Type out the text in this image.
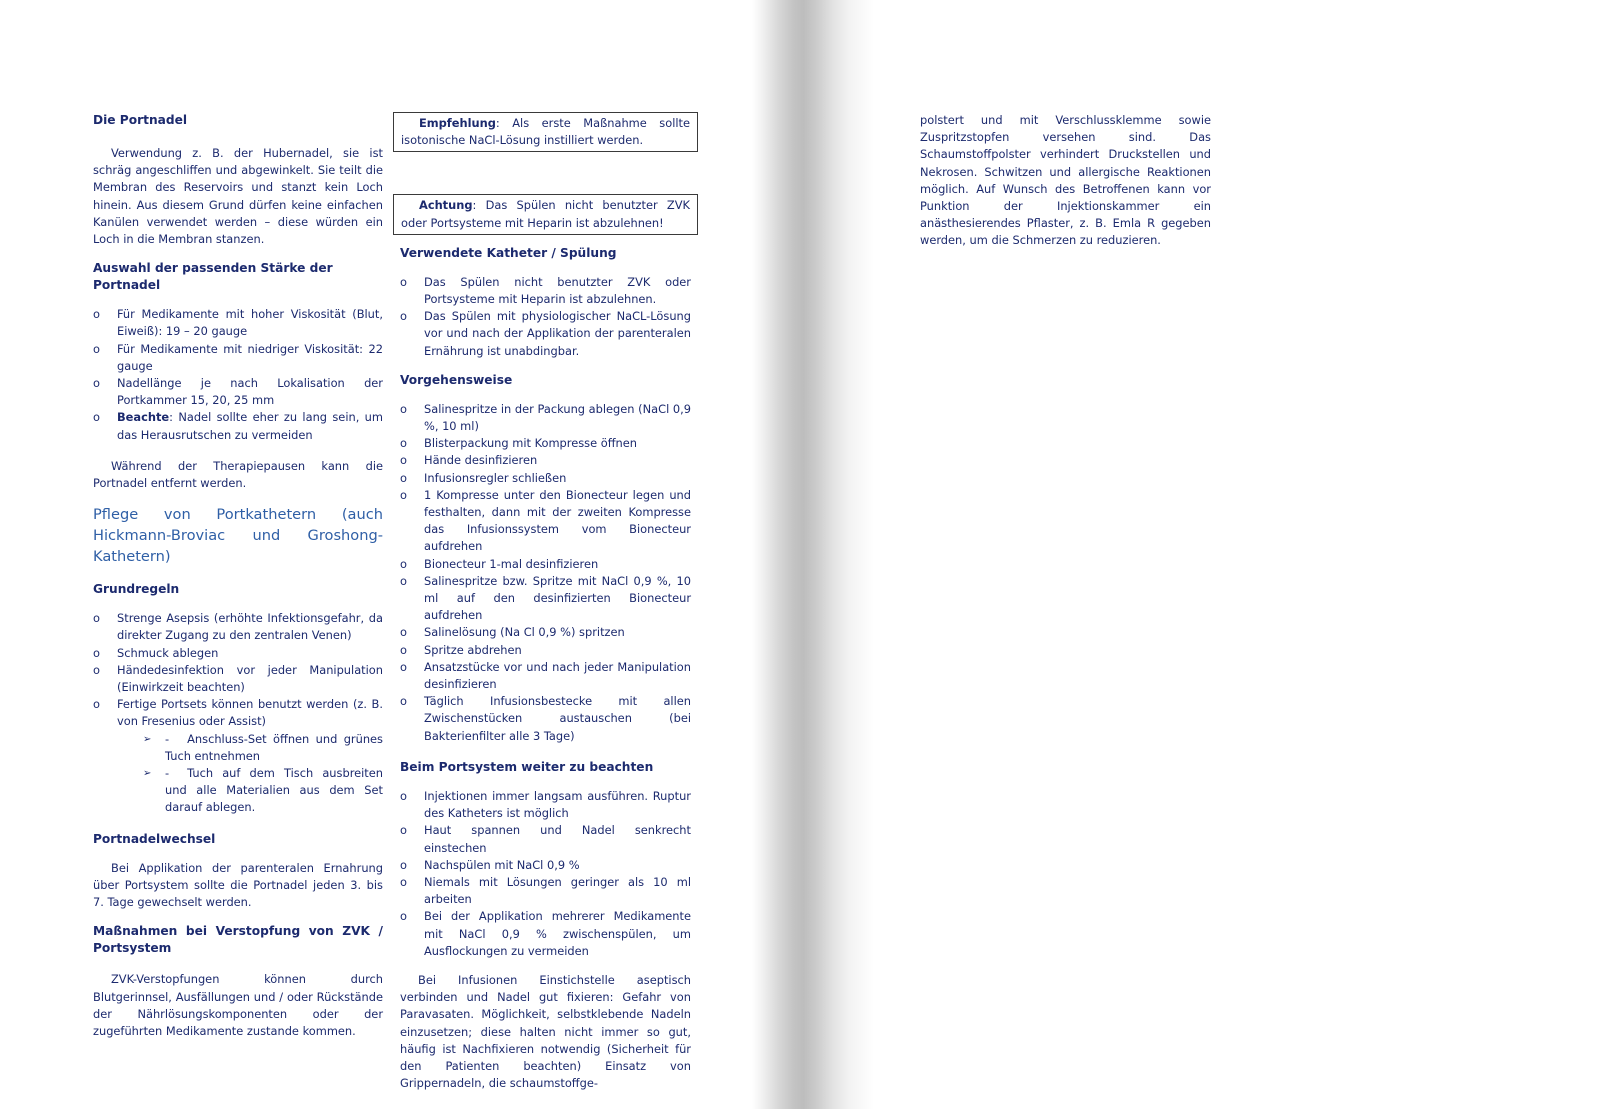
Die Portnadel

Verwendung z. B. der Hubernadel, sie ist schräg angeschliffen und abgewinkelt. Sie teilt die Membran des Reservoirs und stanzt kein Loch hinein. Aus diesem Grund dürfen keine einfachen Kanülen verwendet werden – diese würden ein Loch in die Membran stanzen.

Auswahl der passenden Stärke der Portnadel
o Für Medikamente mit hoher Viskosität (Blut, Eiweiß): 19 – 20 gauge
o Für Medikamente mit niedriger Viskosität: 22 gauge
o Nadellänge je nach Lokalisation der Portkammer 15, 20, 25 mm
o Beachte: Nadel sollte eher zu lang sein, um das Herausrutschen zu vermeiden

Während der Therapiepausen kann die Portnadel entfernt werden.

Pflege von Portkathetern (auch Hickmann-Broviac und Groshong-Kathetern)
Grundregeln
o Strenge Asepsis (erhöhte Infektionsgefahr, da direkter Zugang zu den zentralen Venen)
o Schmuck ablegen
o Händedesinfektion vor jeder Manipulation (Einwirkzeit beachten)
o Fertige Portsets können benutzt werden (z. B. von Fresenius oder Assist)
➢ - Anschluss-Set öffnen und grünes Tuch entnehmen
➢ - Tuch auf dem Tisch ausbreiten und alle Materialien aus dem Set darauf ablegen.
Portnadelwechsel

Bei Applikation der parenteralen Ernahrung über Portsystem sollte die Portnadel jeden 3. bis 7. Tage gewechselt werden.

Maßnahmen bei Verstopfung von ZVK / Portsystem

ZVK-Verstopfungen können durch Blutgerinnsel, Ausfällungen und / oder Rückstände der Nährlösungskomponenten oder der zugeführten Medikamente zustande kommen.

Empfehlung: Als erste Maßnahme sollte isotonische NaCl-Lösung instilliert werden.
Achtung: Das Spülen nicht benutzter ZVK oder Portsysteme mit Heparin ist abzulehnen!
Verwendete Katheter / Spülung
o Das Spülen nicht benutzter ZVK oder Portsysteme mit Heparin ist abzulehnen.
o Das Spülen mit physiologischer NaCL-Lösung vor und nach der Applikation der parenteralen Ernährung ist unabdingbar.
Vorgehensweise
o Salinespritze in der Packung ablegen (NaCl 0,9 %, 10 ml)
o Blisterpackung mit Kompresse öffnen
o Hände desinfizieren
o Infusionsregler schließen
o 1 Kompresse unter den Bionecteur legen und festhalten, dann mit der zweiten Kompresse das Infusionssystem vom Bionecteur aufdrehen
o Bionecteur 1-mal desinfizieren
o Salinespritze bzw. Spritze mit NaCl 0,9 %, 10 ml auf den desinfizierten Bionecteur aufdrehen
o Salinelösung (Na Cl 0,9 %) spritzen
o Spritze abdrehen
o Ansatzstücke vor und nach jeder Manipulation desinfizieren
o Täglich Infusionsbestecke mit allen Zwischenstücken austauschen (bei Bakterienfilter alle 3 Tage)
Beim Portsystem weiter zu beachten
o Injektionen immer langsam ausführen. Ruptur des Katheters ist möglich
o Haut spannen und Nadel senkrecht einstechen
o Nachspülen mit NaCl 0,9 %
o Niemals mit Lösungen geringer als 10 ml arbeiten
o Bei der Applikation mehrerer Medikamente mit NaCl 0,9 % zwischenspülen, um Ausflockungen zu vermeiden

Bei Infusionen Einstichstelle aseptisch verbinden und Nadel gut fixieren: Gefahr von Paravasaten. Möglichkeit, selbstklebende Nadeln einzusetzen; diese halten nicht immer so gut, häufig ist Nachfixieren notwendig (Sicherheit für den Patienten beachten) Einsatz von Grippernadeln, die schaumstoffge-

polstert und mit Verschlussklemme sowie Zuspritzstopfen versehen sind. Das Schaumstoffpolster verhindert Druckstellen und Nekrosen. Schwitzen und allergische Reaktionen möglich. Auf Wunsch des Betroffenen kann vor Punktion der Injektionskammer ein anästhesierendes Pflaster, z. B. Emla R gegeben werden, um die Schmerzen zu reduzieren.
